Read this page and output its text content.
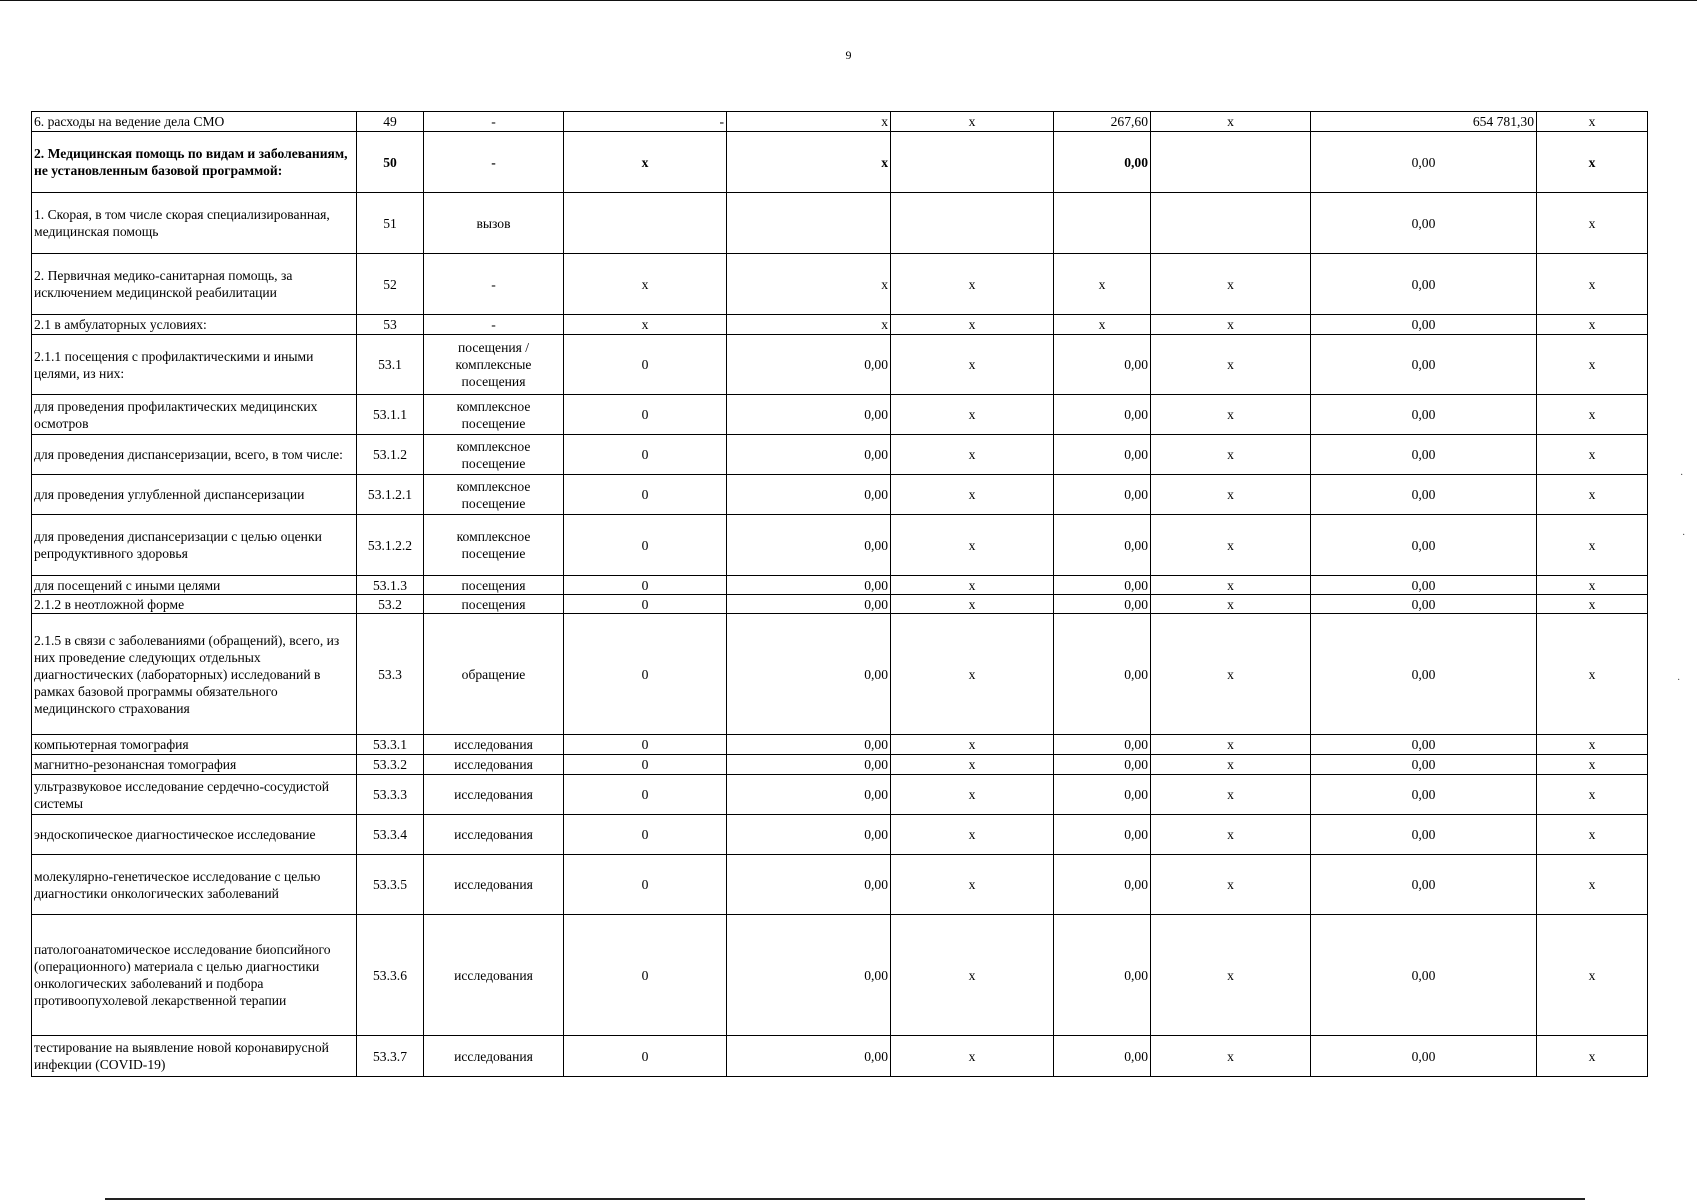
9
6. расходы на ведение дела СМО	49	-	-	x	x	267,60	x	654 781,30	x
2. Медицинская помощь по видам и заболеваниям, не установленным базовой программой:	50	-	x	x		0,00		0,00	x
1. Скорая, в том числе скорая специализированная, медицинская помощь	51	вызов						0,00	x
2. Первичная медико-санитарная помощь, за исключением медицинской реабилитации	52	-	x	x	x	x	x	0,00	x
2.1 в амбулаторных условиях:	53	-	x	x	x	x	x	0,00	x
2.1.1 посещения с профилактическими и иными целями, из них:	53.1	посещения / комплексные посещения	0	0,00	x	0,00	x	0,00	x
для проведения профилактических медицинских осмотров	53.1.1	комплексное посещение	0	0,00	x	0,00	x	0,00	x
для проведения диспансеризации, всего, в том числе:	53.1.2	комплексное посещение	0	0,00	x	0,00	x	0,00	x
для проведения углубленной диспансеризации	53.1.2.1	комплексное посещение	0	0,00	x	0,00	x	0,00	x
для проведения диспансеризации с целью оценки репродуктивного здоровья	53.1.2.2	комплексное посещение	0	0,00	x	0,00	x	0,00	x
для посещений с иными целями	53.1.3	посещения	0	0,00	x	0,00	x	0,00	x
2.1.2 в неотложной форме	53.2	посещения	0	0,00	x	0,00	x	0,00	x
2.1.5 в связи с заболеваниями (обращений), всего, из них проведение следующих отдельных диагностических (лабораторных) исследований в рамках базовой программы обязательного медицинского страхования	53.3	обращение	0	0,00	x	0,00	x	0,00	x
компьютерная томография	53.3.1	исследования	0	0,00	x	0,00	x	0,00	x
магнитно-резонансная томография	53.3.2	исследования	0	0,00	x	0,00	x	0,00	x
ультразвуковое исследование сердечно-сосудистой системы	53.3.3	исследования	0	0,00	x	0,00	x	0,00	x
эндоскопическое диагностическое исследование	53.3.4	исследования	0	0,00	x	0,00	x	0,00	x
молекулярно-генетическое исследование с целью диагностики онкологических заболеваний	53.3.5	исследования	0	0,00	x	0,00	x	0,00	x
патологоанатомическое исследование биопсийного (операционного) материала с целью диагностики онкологических заболеваний и подбора противоопухолевой лекарственной терапии	53.3.6	исследования	0	0,00	x	0,00	x	0,00	x
тестирование на выявление новой коронавирусной инфекции (COVID-19)	53.3.7	исследования	0	0,00	x	0,00	x	0,00	x
·
·
·
